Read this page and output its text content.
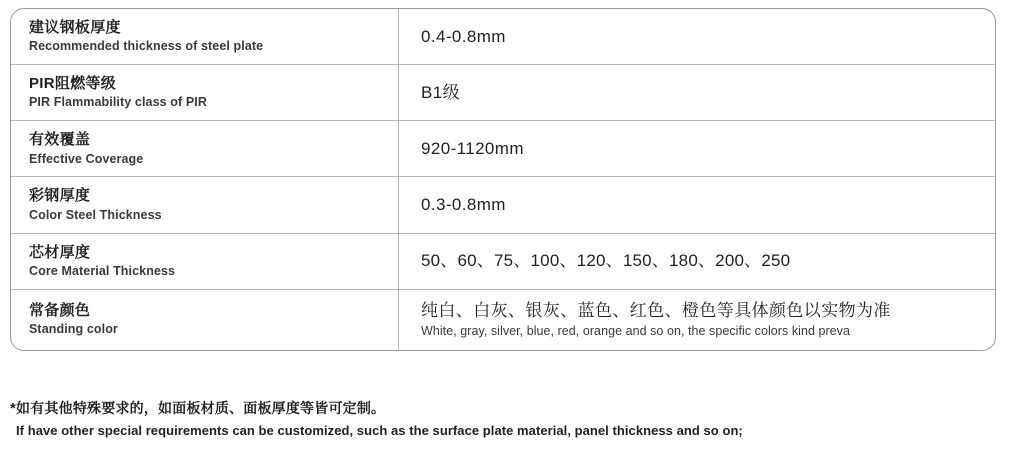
建议钢板厚度
Recommended thickness of steel plate
0.4-0.8mm
PIR阻燃等级
PIR Flammability class of PIR
B1级
有效覆盖
Effective Coverage
920-1120mm
彩钢厚度
Color Steel Thickness
0.3-0.8mm
芯材厚度
Core Material Thickness
50、60、75、100、120、150、180、200、250
常备颜色
Standing color
纯白、白灰、银灰、蓝色、红色、橙色等具体颜色以实物为准
White, gray, silver, blue, red, orange and so on, the specific colors kind preva
*如有其他特殊要求的，如面板材质、面板厚度等皆可定制。
If have other special requirements can be customized, such as the surface plate material, panel thickness and so on;
